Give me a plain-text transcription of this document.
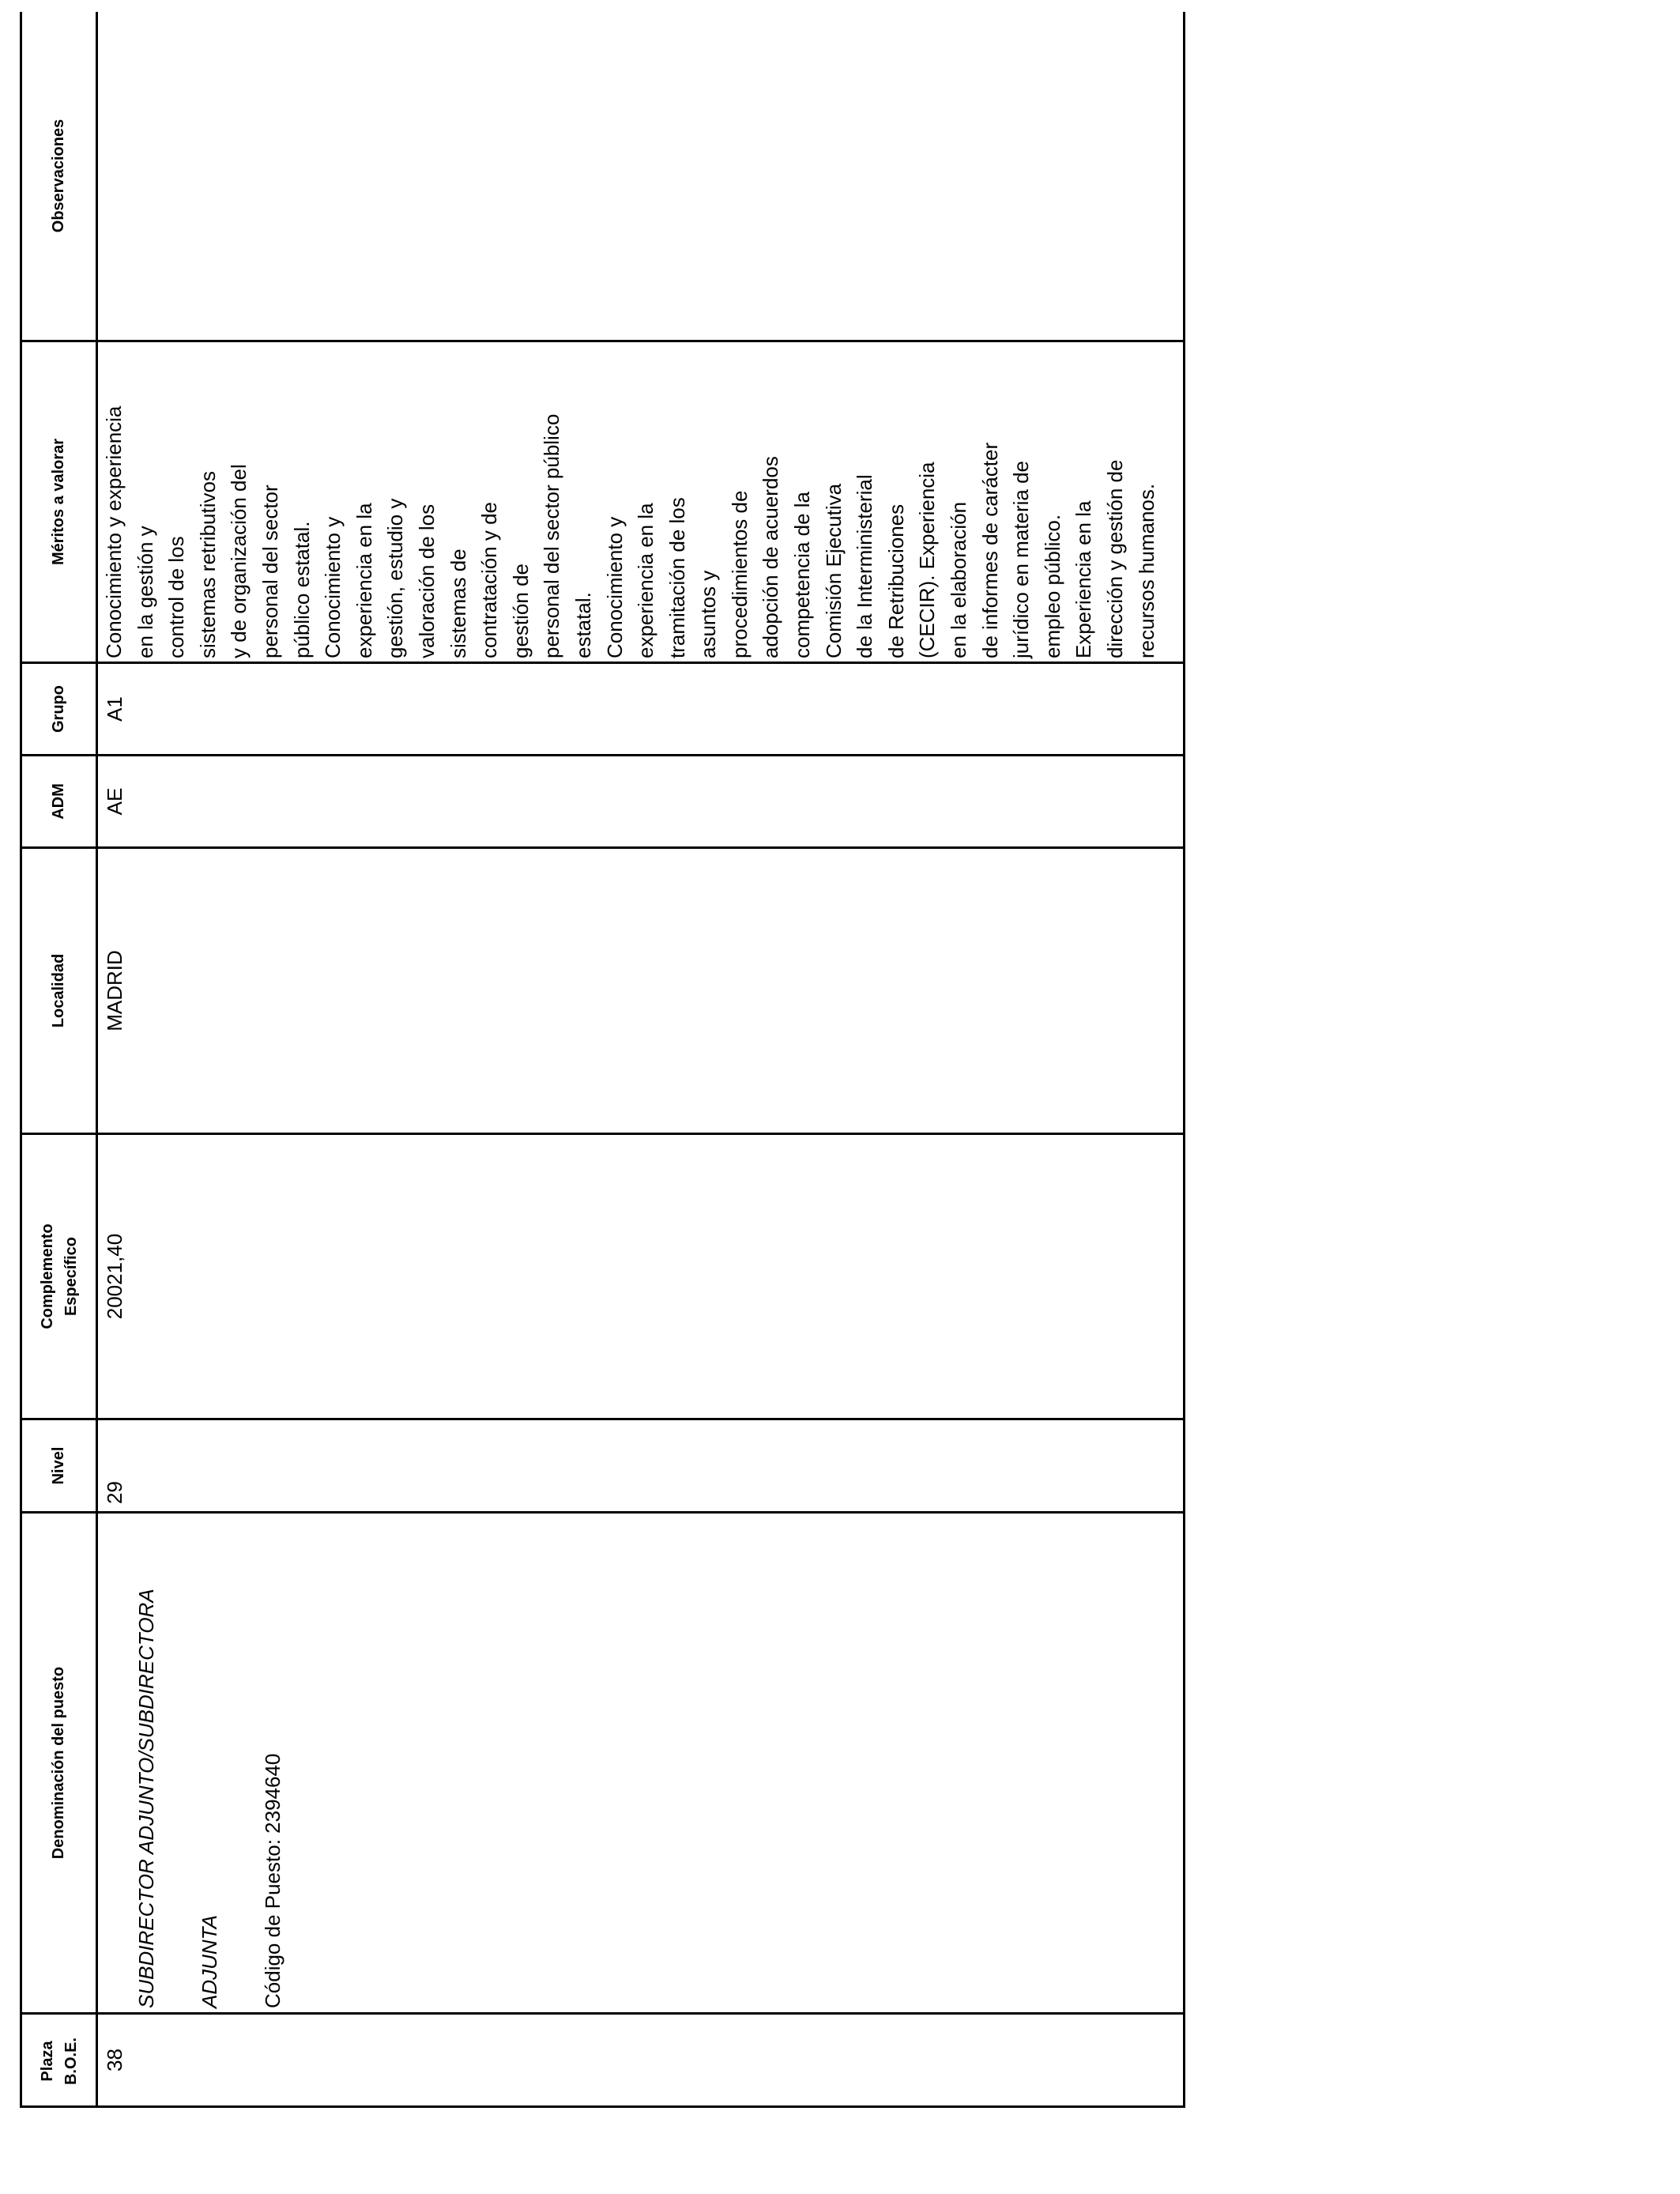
Plaza B.O.E.
Denominación del puesto
Nivel
Complemento Específico
Localidad
ADM
Grupo
Méritos a valorar
Observaciones
38

SUBDIRECTOR ADJUNTO/SUBDIRECTORA ADJUNTA Código de Puesto: 2394640

29
20021,40
MADRID
AE
A1
Conocimiento y experiencia
en la gestión y
control de los
sistemas retributivos
y de organización del
personal del sector
público estatal.
Conocimiento y
experiencia en la
gestión, estudio y
valoración de los
sistemas de
contratación y de
gestión de
personal del sector público
estatal.
Conocimiento y
experiencia en la
tramitación de los
asuntos y
procedimientos de
adopción de acuerdos
competencia de la
Comisión Ejecutiva
de la Interministerial
de Retribuciones
(CECIR). Experiencia
en la elaboración
de informes de carácter
jurídico en materia de
empleo público.
Experiencia en la
dirección y gestión de
recursos humanos.
